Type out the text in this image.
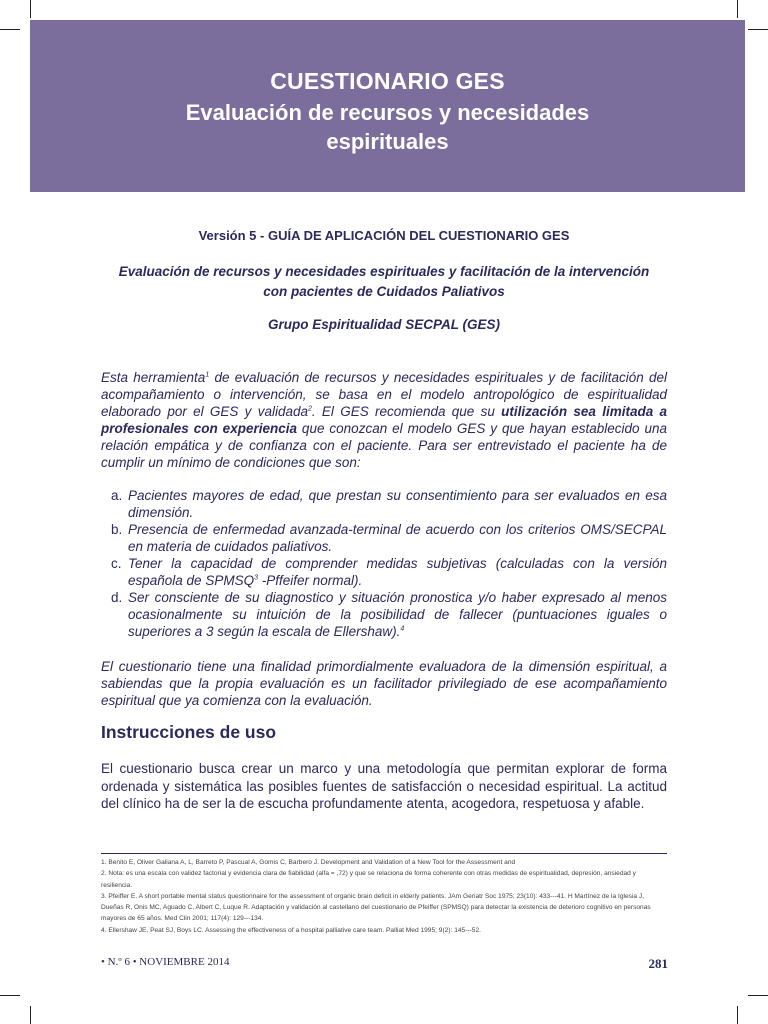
CUESTIONARIO GES
Evaluación de recursos y necesidades
espirituales
Versión 5 - GUÍA DE APLICACIÓN DEL CUESTIONARIO GES
Evaluación de recursos y necesidades espirituales y facilitación de la intervención
con pacientes de Cuidados Paliativos
Grupo Espiritualidad SECPAL (GES)
Esta herramienta$^1$ de evaluación de recursos y necesidades espirituales y de facilitación del acompañamiento o intervención, se basa en el modelo antropológico de espiritualidad elaborado por el GES y validada$^2$. El GES recomienda que su utilización sea limitada a profesionales con experiencia que conozcan el modelo GES y que hayan establecido una relación empática y de confianza con el paciente. Para ser entrevistado el paciente ha de cumplir un mínimo de condiciones que son:
a. Pacientes mayores de edad, que prestan su consentimiento para ser evaluados en esa dimensión.
b. Presencia de enfermedad avanzada-terminal de acuerdo con los criterios OMS/SECPAL en materia de cuidados paliativos.
c. Tener la capacidad de comprender medidas subjetivas (calculadas con la versión española de SPMSQ$^3$ -Pffeifer normal).
d. Ser consciente de su diagnostico y situación pronostica y/o haber expresado al menos ocasionalmente su intuición de la posibilidad de fallecer (puntuaciones iguales o superiores a 3 según la escala de Ellershaw).$^4$
El cuestionario tiene una finalidad primordialmente evaluadora de la dimensión espiritual, a sabiendas que la propia evaluación es un facilitador privilegiado de ese acompañamiento espiritual que ya comienza con la evaluación.
Instrucciones de uso
El cuestionario busca crear un marco y una metodología que permitan explorar de forma ordenada y sistemática las posibles fuentes de satisfacción o necesidad espiritual. La actitud del clínico ha de ser la de escucha profundamente atenta, acogedora, respetuosa y afable.
1. Benito E, Oliver Galiana A, L, Barreto P, Pascual A, Gomis C, Barbero J. Development and Validation of a New Tool for the Assessment and
2. Nota: es una escala con validez factorial y evidencia clara de fiabilidad (alfa = ,72) y que se relaciona de forma coherente con otras medidas de espiritualidad, depresión, ansiedad y resiliencia.
3. Pfeiffer E. A short portable mental status questionnaire for the assessment of organic brain deficit in elderly patients. JAm Geriatr Soc 1975; 23(10): 433---41. H Martínez de la Iglesia J, Dueñas R, Onis MC, Aguado C, Albert C, Luque R. Adaptación y validación al castellano del cuestionario de Pfeiffer (SPMSQ) para detectar la existencia de deterioro cognitivo en personas mayores de 65 años. Med Clin 2001; 117(4): 129---134.
4. Ellershaw JE, Peat SJ, Boys LC. Assessing the effectiveness of a hospital palliative care team. Palliat Med 1995; 9(2): 145---52.
• N.º 6 • NOVIEMBRE 2014	281
